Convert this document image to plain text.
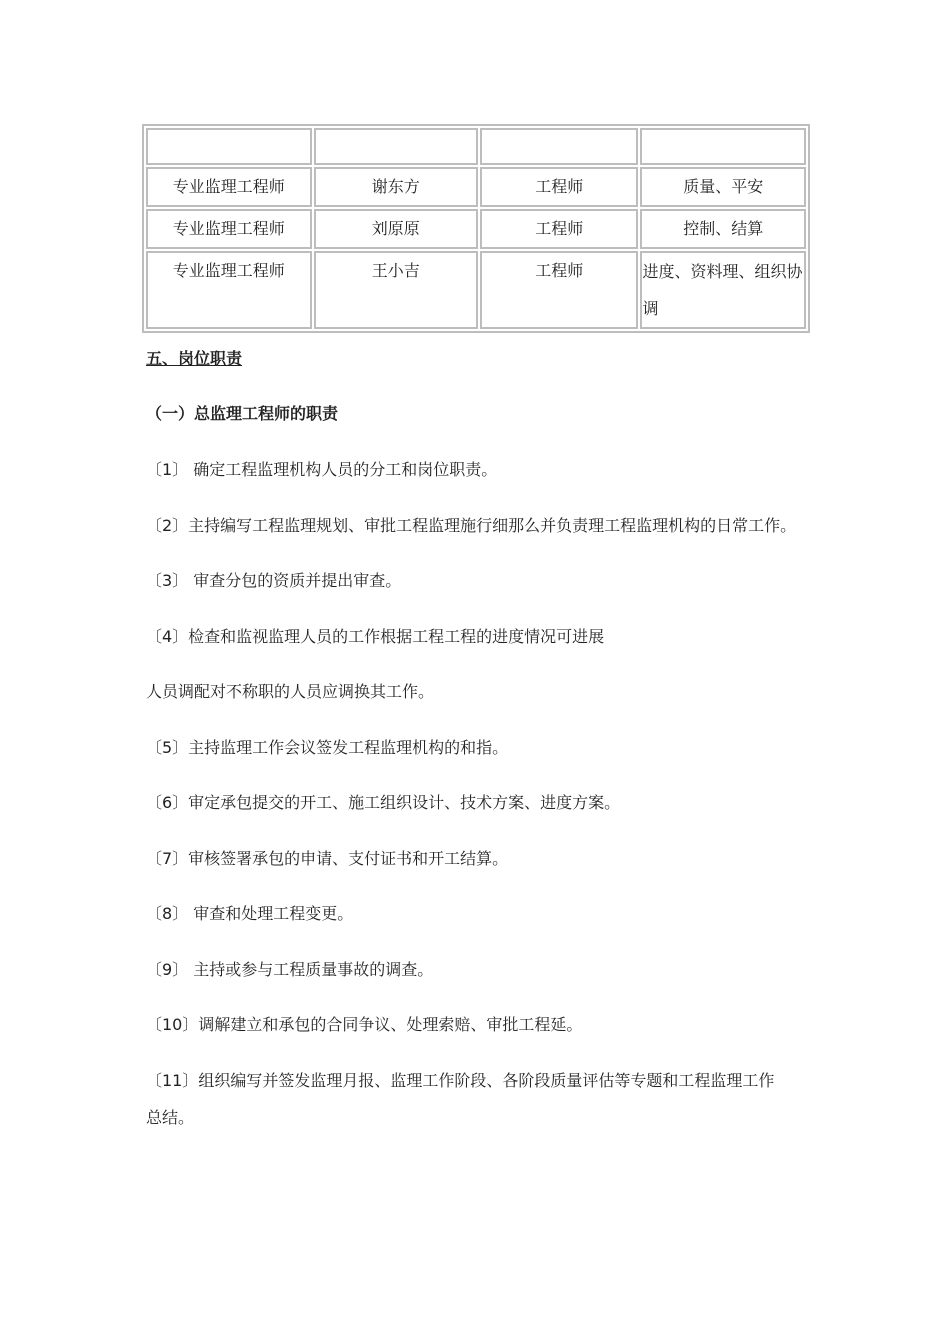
专业监理工程师	谢东方	工程师	质量、平安
专业监理工程师	刘原原	工程师	控制、结算
专业监理工程师	王小吉	工程师	进度、资料理、组织协调

五、岗位职责

（一）总监理工程师的职责

〔1〕 确定工程监理机构人员的分工和岗位职责。

〔2〕主持编写工程监理规划、审批工程监理施行细那么并负责理工程监理机构的日常工作。

〔3〕 审查分包的资质并提出审查。

〔4〕检查和监视监理人员的工作根据工程工程的进度情况可进展

人员调配对不称职的人员应调换其工作。

〔5〕主持监理工作会议签发工程监理机构的和指。

〔6〕审定承包提交的开工、施工组织设计、技术方案、进度方案。

〔7〕审核签署承包的申请、支付证书和开工结算。

〔8〕 审查和处理工程变更。

〔9〕 主持或参与工程质量事故的调查。

〔10〕调解建立和承包的合同争议、处理索赔、审批工程延。

〔11〕组织编写并签发监理月报、监理工作阶段、各阶段质量评估等专题和工程监理工作

总结。
